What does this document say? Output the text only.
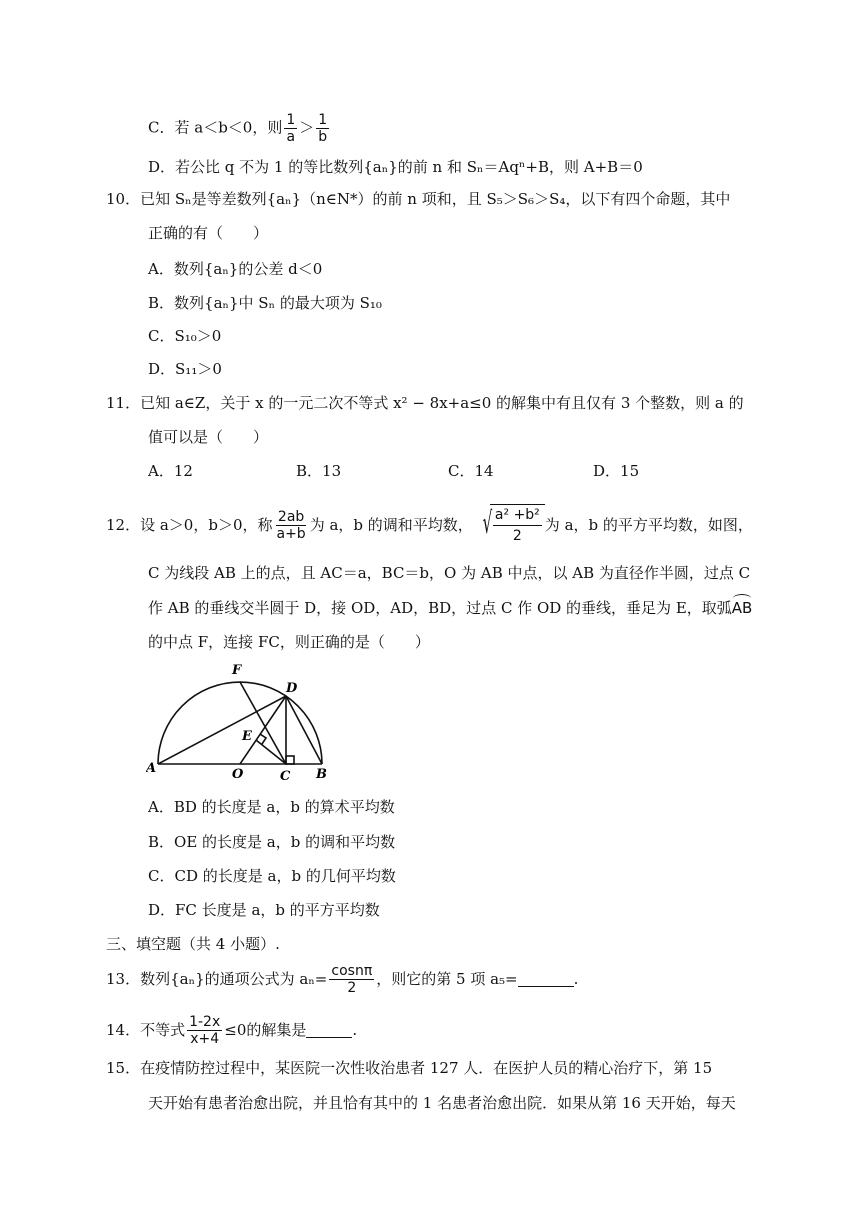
C．若 a＜b＜0，则 $\frac{1}{a} > \frac{1}{b}$
D．若公比 q 不为 1 的等比数列{aₙ}的前 n 和 Sₙ＝Aqⁿ+B，则 A+B＝0
10．已知 Sₙ是等差数列{aₙ}（n∈N*）的前 n 项和，且 S₅＞S₆＞S₄，以下有四个命题，其中
正确的有（　　）
A．数列{aₙ}的公差 d＜0
B．数列{aₙ}中 Sₙ 的最大项为 S₁₀
C．S₁₀＞0
D．S₁₁＞0
11．已知 a∈Z，关于 x 的一元二次不等式 x² − 8x+a≤0 的解集中有且仅有 3 个整数，则 a 的
值可以是（　　）
A．12	B．13	C．14	D．15
12．设 a＞0，b＞0，称 $\frac{2ab}{a+b}$ 为 a，b 的调和平均数， √
$\frac{\text{a² +b²}}{2}$ 为 a，b 的平方平均数，如图，
C 为线段 AB 上的点，且 AC＝a，BC＝b，O 为 AB 中点，以 AB 为直径作半圆，过点 C
作 AB 的垂线交半圆于 D，接 OD，AD，BD，过点 C 作 OD 的垂线，垂足为 E，取弧AB
的中点 F，连接 FC，则正确的是（　　）
A	O	C B
D
E
F
A．BD 的长度是 a，b 的算术平均数
B．OE 的长度是 a，b 的调和平均数
C．CD 的长度是 a，b 的几何平均数
D．FC 长度是 a，b 的平方平均数
三、填空题（共 4 小题）.
13．数列{aₙ}的通项公式为 $a_n= \frac{\cos n\pi}{2}$ ，则它的第 5 项 a₅=	.
14．不等式 $\frac{1-2x}{x+4} \le 0$的解集是	.
15．在疫情防控过程中，某医院一次性收治患者 127 人．在医护人员的精心治疗下，第 15
天开始有患者治愈出院，并且恰有其中的 1 名患者治愈出院．如果从第 16 天开始，每天
